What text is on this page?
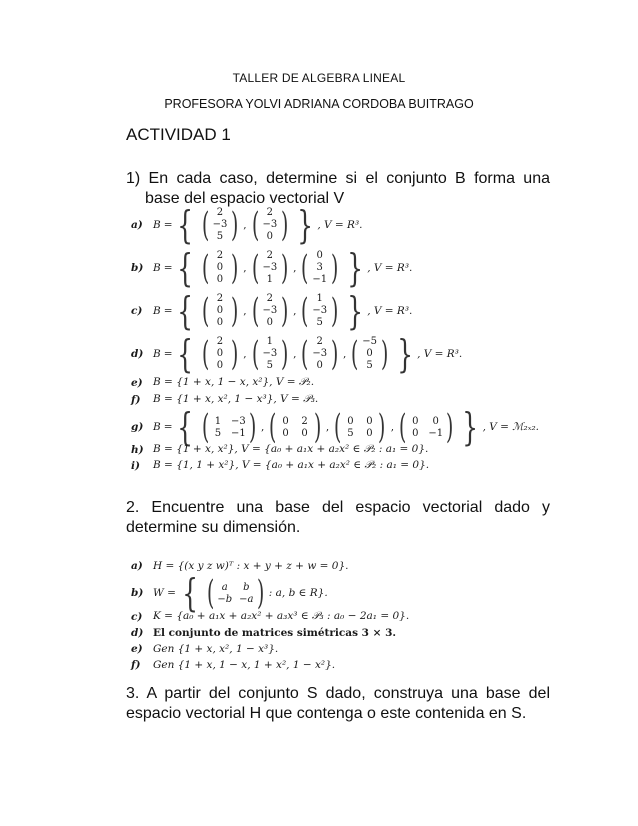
TALLER DE ALGEBRA LINEAL
PROFESORA YOLVI ADRIANA CORDOBA BUITRAGO
ACTIVIDAD 1
1) En cada caso, determine si el conjunto B forma una
base del espacio vectorial V
a) B = { ( 2
−3
5 ) , ( 2
−3
0 ) } , V = R³.
b) B = { ( 2
0
0 ) , ( 2
−3
1 ) , ( 0
3
−1 ) } , V = R³.
c)	B = { ( 2
0
0 ) , ( 2
−3
0 ) , ( 1
−3
5 ) } , V = R³.
d) B = { ( 2
0
0 ) , ( 1
−3
5 ) , ( 2
−3
0 ) , ( −5
0
5 ) } , V = R³.
e) B = {1 + x, 1 − x, x²}, V = 𝒫₂.
f)	B = {1 + x, x², 1 − x³}, V = 𝒫₃.
g) B = { ( 1 −3
5 −1 ) , ( 0 2
0 0 ) , ( 0 0
5 0 ) , ( 0	0
0 −1 ) } , V = ℳ₂ₓ₂.
h) B = {1 + x, x²}, V = {a₀ + a₁x + a₂x² ∈ 𝒫₂ : a₁ = 0}.
i)	B = {1, 1 + x²}, V = {a₀ + a₁x + a₂x² ∈ 𝒫₂ : a₁ = 0}.
2. Encuentre una base del espacio vectorial dado y
determine su dimensión.
a) H = {(x y z w)ᵀ : x + y + z + w = 0}.
b) W = { ( a	b
−b −a ) : a, b ∈ R}.
c)	K = {a₀ + a₁x + a₂x² + a₃x³ ∈ 𝒫₃ : a₀ − 2a₁ = 0}.
d) El conjunto de matrices simétricas 3 × 3.
e) Gen {1 + x, x², 1 − x³}.
f)	Gen {1 + x, 1 − x, 1 + x², 1 − x²}.
3. A partir del conjunto S dado, construya una base del
espacio vectorial H que contenga o este contenida en S.
